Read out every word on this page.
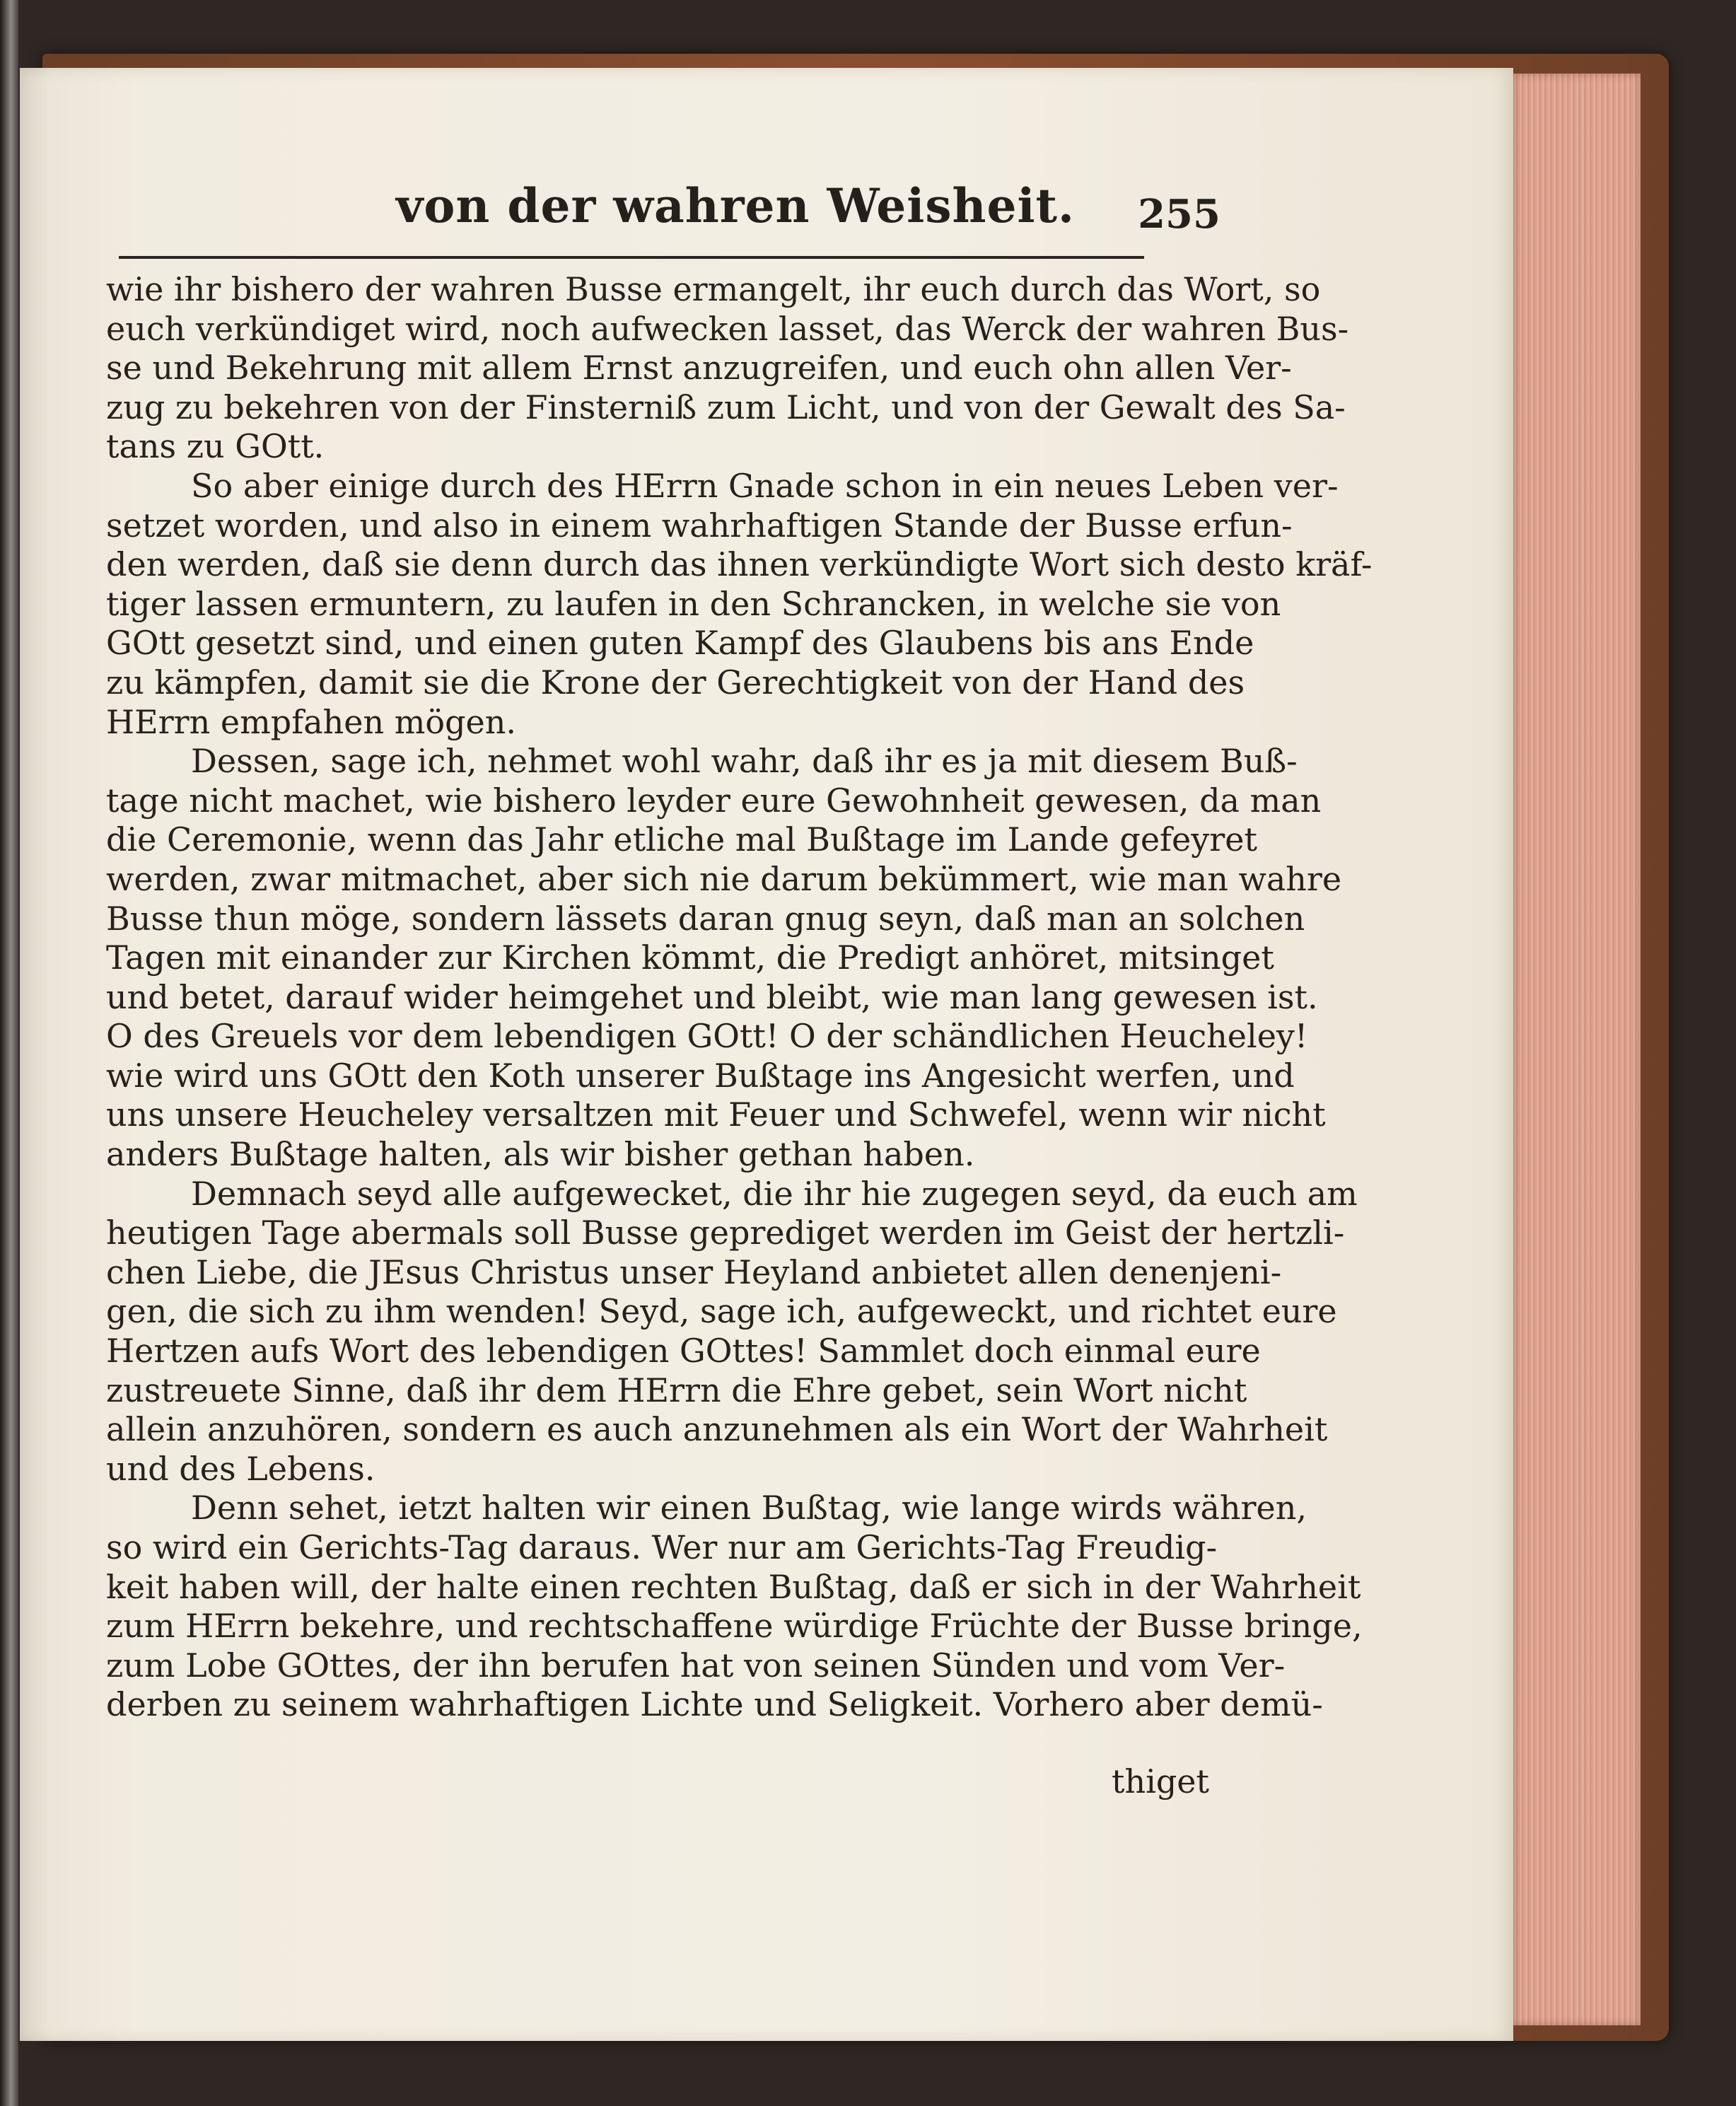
von der wahren Weisheit. 255
wie ihr bishero der wahren Busse ermangelt, ihr euch durch das Wort, so
euch verkündiget wird, noch aufwecken lasset, das Werck der wahren Bus-
se und Bekehrung mit allem Ernst anzugreifen, und euch ohn allen Ver-
zug zu bekehren von der Finsterniß zum Licht, und von der Gewalt des Sa-
tans zu GOtt.
So aber einige durch des HErrn Gnade schon in ein neues Leben ver-
setzet worden, und also in einem wahrhaftigen Stande der Busse erfun-
den werden, daß sie denn durch das ihnen verkündigte Wort sich desto kräf-
tiger lassen ermuntern, zu laufen in den Schrancken, in welche sie von
GOtt gesetzt sind, und einen guten Kampf des Glaubens bis ans Ende
zu kämpfen, damit sie die Krone der Gerechtigkeit von der Hand des
HErrn empfahen mögen.
Dessen, sage ich, nehmet wohl wahr, daß ihr es ja mit diesem Buß-
tage nicht machet, wie bishero leyder eure Gewohnheit gewesen, da man
die Ceremonie, wenn das Jahr etliche mal Bußtage im Lande gefeyret
werden, zwar mitmachet, aber sich nie darum bekümmert, wie man wahre
Busse thun möge, sondern lässets daran gnug seyn, daß man an solchen
Tagen mit einander zur Kirchen kömmt, die Predigt anhöret, mitsinget
und betet, darauf wider heimgehet und bleibt, wie man lang gewesen ist.
O des Greuels vor dem lebendigen GOtt! O der schändlichen Heucheley!
wie wird uns GOtt den Koth unserer Bußtage ins Angesicht werfen, und
uns unsere Heucheley versaltzen mit Feuer und Schwefel, wenn wir nicht
anders Bußtage halten, als wir bisher gethan haben.
Demnach seyd alle aufgewecket, die ihr hie zugegen seyd, da euch am
heutigen Tage abermals soll Busse geprediget werden im Geist der hertzli-
chen Liebe, die JEsus Christus unser Heyland anbietet allen denenjeni-
gen, die sich zu ihm wenden! Seyd, sage ich, aufgeweckt, und richtet eure
Hertzen aufs Wort des lebendigen GOttes! Sammlet doch einmal eure
zustreuete Sinne, daß ihr dem HErrn die Ehre gebet, sein Wort nicht
allein anzuhören, sondern es auch anzunehmen als ein Wort der Wahrheit
und des Lebens.
Denn sehet, ietzt halten wir einen Bußtag, wie lange wirds währen,
so wird ein Gerichts-Tag daraus. Wer nur am Gerichts-Tag Freudig-
keit haben will, der halte einen rechten Bußtag, daß er sich in der Wahrheit
zum HErrn bekehre, und rechtschaffene würdige Früchte der Busse bringe,
zum Lobe GOttes, der ihn berufen hat von seinen Sünden und vom Ver-
derben zu seinem wahrhaftigen Lichte und Seligkeit. Vorhero aber demü-
thiget
